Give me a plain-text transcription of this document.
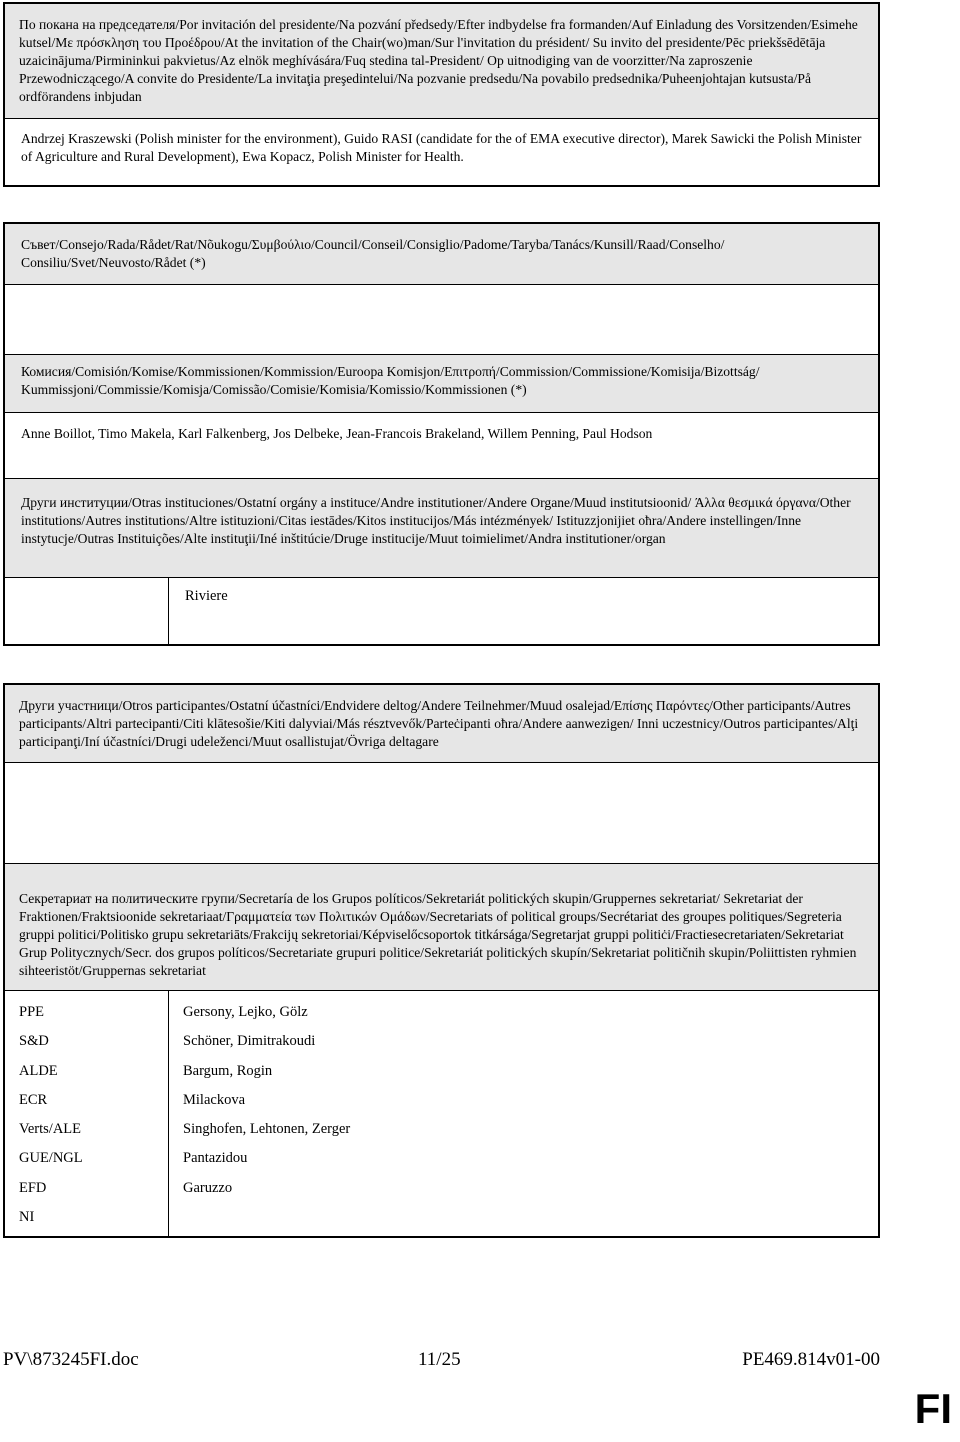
По покана на председателя/Por invitación del presidente/Na pozvání předsedy/Efter indbydelse fra formanden/Auf Einladung des Vorsitzenden/Esimehe kutsel/Με πρόσκληση του Προέδρου/At the invitation of the Chair(wo)man/Sur l'invitation du président/ Su invito del presidente/Pēc priekšsēdētāja uzaicinājuma/Pirmininkui pakvietus/Az elnök meghívására/Fuq stedina tal-President/ Op uitnodiging van de voorzitter/Na zaproszenie Przewodniczącego/A convite do Presidente/La invitaţia preşedintelui/Na pozvanie predsedu/Na povabilo predsednika/Puheenjohtajan kutsusta/På ordförandens inbjudan
Andrzej Kraszewski (Polish minister for the environment), Guido RASI (candidate for the of EMA executive director), Marek Sawicki the Polish Minister of Agriculture and Rural Development), Ewa Kopacz, Polish Minister for Health.
Съвет/Consejo/Rada/Rådet/Rat/Nõukogu/Συμβούλιο/Council/Conseil/Consiglio/Padome/Taryba/Tanács/Kunsill/Raad/Conselho/ Consiliu/Svet/Neuvosto/Rådet (*)
Комисия/Comisión/Komise/Kommissionen/Kommission/Euroopa Komisjon/Επιτροπή/Commission/Commissione/Komisija/Bizottság/ Kummissjoni/Commissie/Komisja/Comissão/Comisie/Komisia/Komissio/Kommissionen (*)
Anne Boillot, Timo Makela, Karl Falkenberg, Jos Delbeke, Jean-Francois Brakeland, Willem Penning, Paul Hodson
Други институции/Otras instituciones/Ostatní orgány a instituce/Andre institutioner/Andere Organe/Muud institutsioonid/ Άλλα θεσμικά όργανα/Other institutions/Autres institutions/Altre istituzioni/Citas iestādes/Kitos institucijos/Más intézmények/ Istituzzjonijiet oħra/Andere instellingen/Inne instytucje/Outras Instituições/Alte instituţii/Iné inštitúcie/Druge institucije/Muut toimielimet/Andra institutioner/organ
Riviere
Други участници/Otros participantes/Ostatní účastníci/Endvidere deltog/Andere Teilnehmer/Muud osalejad/Επίσης Παρόντες/Other participants/Autres participants/Altri partecipanti/Citi klātesošie/Kiti dalyviai/Más résztvevők/Parteċipanti oħra/Andere aanwezigen/ Inni uczestnicy/Outros participantes/Alţi participanţi/Iní účastníci/Drugi udeleženci/Muut osallistujat/Övriga deltagare
Секретариат на политическите групи/Secretaría de los Grupos políticos/Sekretariát politických skupin/Gruppernes sekretariat/ Sekretariat der Fraktionen/Fraktsioonide sekretariaat/Γραμματεία των Πολιτικών Ομάδων/Secretariats of political groups/Secrétariat des groupes politiques/Segreteria gruppi politici/Politisko grupu sekretariāts/Frakcijų sekretoriai/Képviselőcsoportok titkársága/Segretarjat gruppi politiċi/Fractiesecretariaten/Sekretariat Grup Politycznych/Secr. dos grupos políticos/Secretariate grupuri politice/Sekretariát politických skupín/Sekretariat političnih skupin/Poliittisten ryhmien sihteeristöt/Gruppernas sekretariat
PPE
S&D
ALDE
ECR
Verts/ALE
GUE/NGL
EFD
NI
Gersony, Lejko, Gölz
Schöner, Dimitrakoudi
Bargum, Rogin
Milackova
Singhofen, Lehtonen, Zerger
Pantazidou
Garuzzo
PV\873245FI.doc	11/25	PE469.814v01-00
FI
